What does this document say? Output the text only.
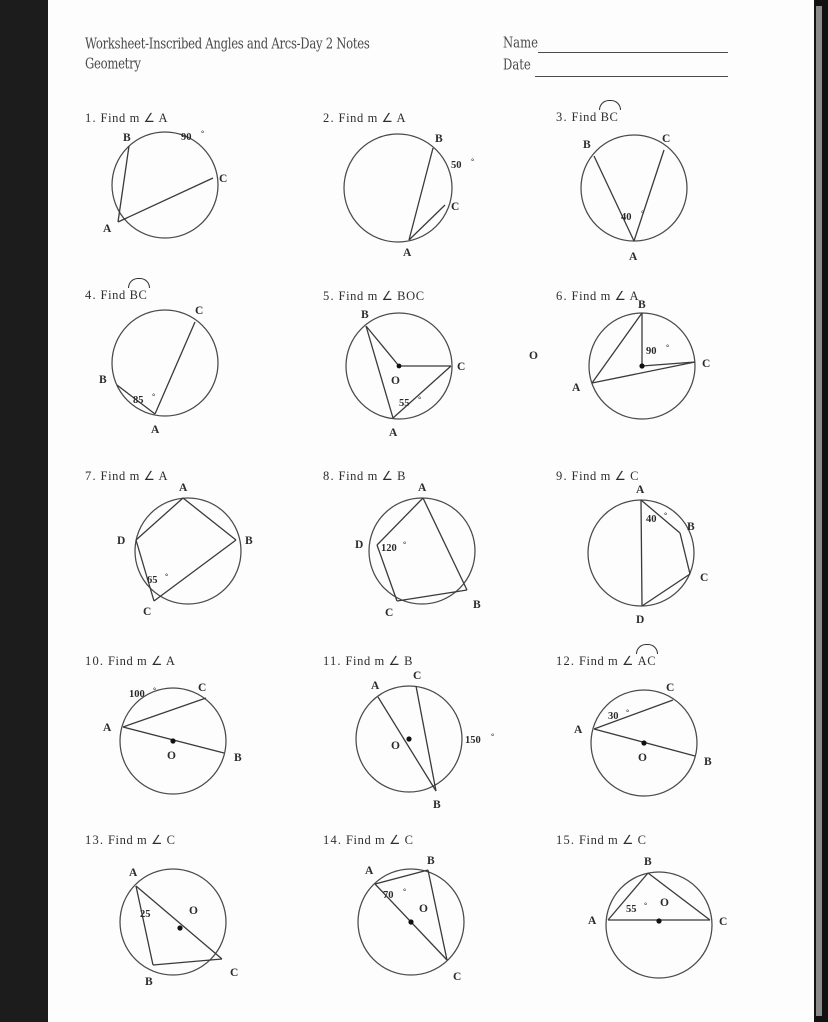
Worksheet-Inscribed Angles and Arcs-Day 2 Notes
Geometry
Name
Date
1. Find m ∠ A
B
C
A
90 °
2. Find m ∠ A
B
C
A
50 °
3. Find
BC
B	C
A
40 °
4. Find
BC
C
B
A
85 °
5. Find m ∠ BOC
B
O
C
A
55 °
O
6. Find m ∠ A
B
C
A
90 °
7. Find m ∠ A
A
B
C
D
65 °
8. Find m ∠ B
A
B
C
D 120 °
9. Find m ∠ C
A
B
C
D
40 °
10. Find m ∠ A
C
A
O	B
100 °
11. Find m ∠ B
A
C
O
B
150 °
12. Find m ∠
AC
C
A
O	B
30 °
13. Find m ∠ C
A
O
B
C
25
14. Find m ∠ C
A
B
O
C
70 °
15. Find m ∠ C
B
A
O
C
55 °
